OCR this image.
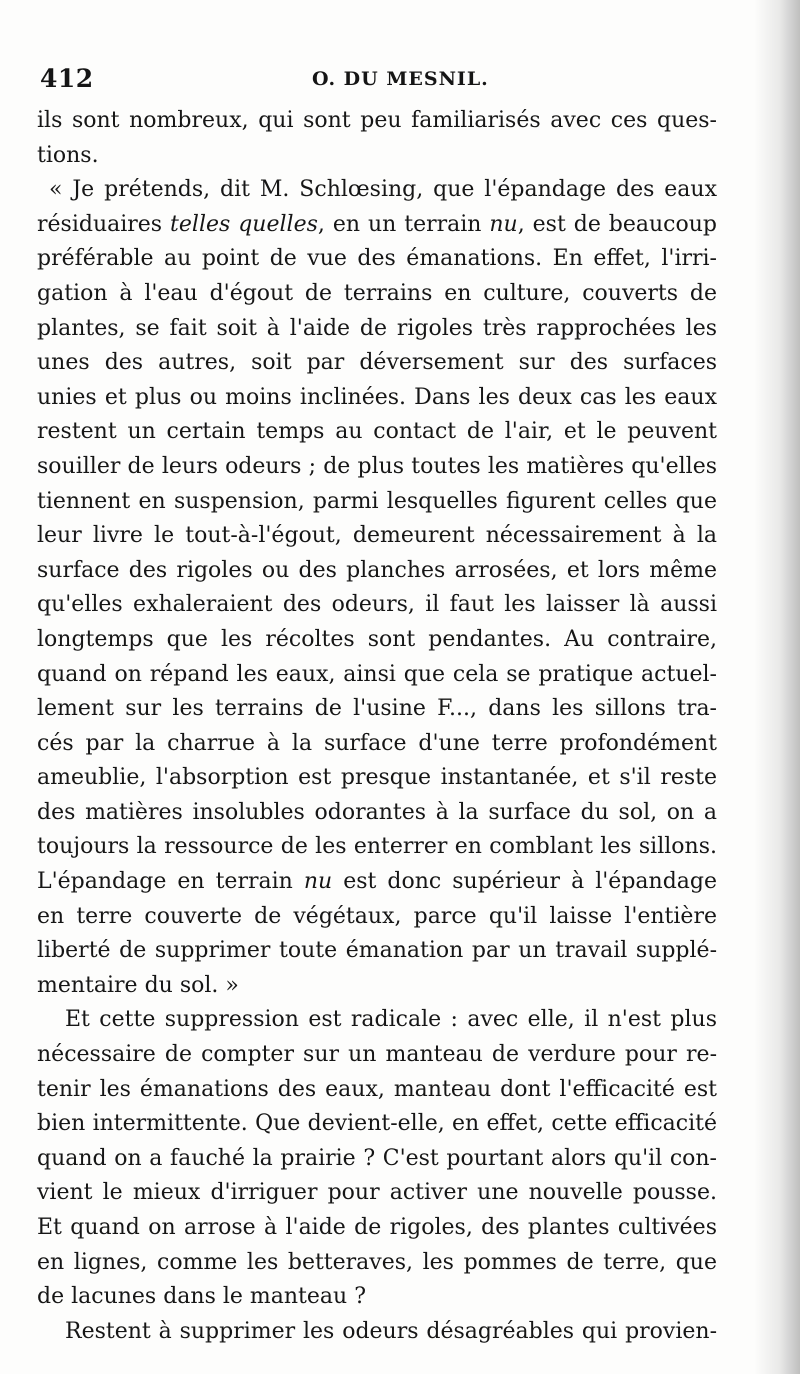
412	O. DU MESNIL.
ils sont nombreux, qui sont peu familiarisés avec ces ques-
tions.
« Je prétends, dit M. Schlœsing, que l'épandage des eaux
résiduaires telles quelles, en un terrain nu, est de beaucoup
préférable au point de vue des émanations. En effet, l'irri-
gation à l'eau d'égout de terrains en culture, couverts de
plantes, se fait soit à l'aide de rigoles très rapprochées les
unes des autres, soit par déversement sur des surfaces
unies et plus ou moins inclinées. Dans les deux cas les eaux
restent un certain temps au contact de l'air, et le peuvent
souiller de leurs odeurs ; de plus toutes les matières qu'elles
tiennent en suspension, parmi lesquelles figurent celles que
leur livre le tout-à-l'égout, demeurent nécessairement à la
surface des rigoles ou des planches arrosées, et lors même
qu'elles exhaleraient des odeurs, il faut les laisser là aussi
longtemps que les récoltes sont pendantes. Au contraire,
quand on répand les eaux, ainsi que cela se pratique actuel-
lement sur les terrains de l'usine F..., dans les sillons tra-
cés par la charrue à la surface d'une terre profondément
ameublie, l'absorption est presque instantanée, et s'il reste
des matières insolubles odorantes à la surface du sol, on a
toujours la ressource de les enterrer en comblant les sillons.
L'épandage en terrain nu est donc supérieur à l'épandage
en terre couverte de végétaux, parce qu'il laisse l'entière
liberté de supprimer toute émanation par un travail supplé-
mentaire du sol. »
Et cette suppression est radicale : avec elle, il n'est plus
nécessaire de compter sur un manteau de verdure pour re-
tenir les émanations des eaux, manteau dont l'efficacité est
bien intermittente. Que devient-elle, en effet, cette efficacité
quand on a fauché la prairie ? C'est pourtant alors qu'il con-
vient le mieux d'irriguer pour activer une nouvelle pousse.
Et quand on arrose à l'aide de rigoles, des plantes cultivées
en lignes, comme les betteraves, les pommes de terre, que
de lacunes dans le manteau ?
Restent à supprimer les odeurs désagréables qui provien-
